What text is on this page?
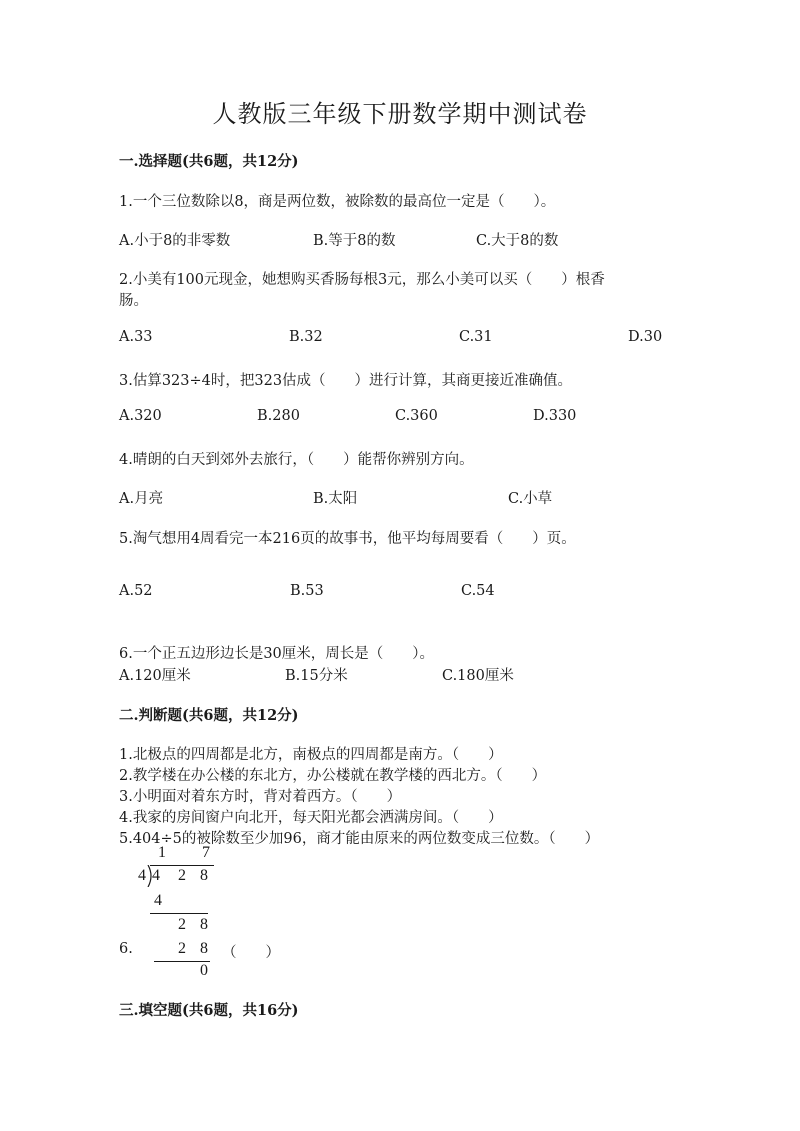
人教版三年级下册数学期中测试卷
一.选择题(共6题，共12分)
1.一个三位数除以8，商是两位数，被除数的最高位一定是（　　）。
A.小于8的非零数	B.等于8的数	C.大于8的数
2.小美有100元现金，她想购买香肠每根3元，那么小美可以买（　　）根香
肠。
A.33	B.32	C.31	D.30
3.估算323÷4时，把323估成（　　）进行计算，其商更接近准确值。
A.320	B.280	C.360	D.330
4.晴朗的白天到郊外去旅行，（　　）能帮你辨别方向。
A.月亮	B.太阳	C.小草
5.淘气想用4周看完一本216页的故事书，他平均每周要看（　　）页。
A.52	B.53	C.54
6.一个正五边形边长是30厘米，周长是（　　）。
A.120厘米	B.15分米	C.180厘米
二.判断题(共6题，共12分)
1.北极点的四周都是北方，南极点的四周都是南方。（　　）
2.教学楼在办公楼的东北方，办公楼就在教学楼的西北方。（　　）
3.小明面对着东方时，背对着西方。（　　）
4.我家的房间窗户向北开，每天阳光都会洒满房间。（　　）
5.404÷5的被除数至少加96，商才能由原来的两位数变成三位数。（　　）
1 7
4 4 2 8
4
2 8
2 8
0
6.	（　　）
三.填空题(共6题，共16分)
